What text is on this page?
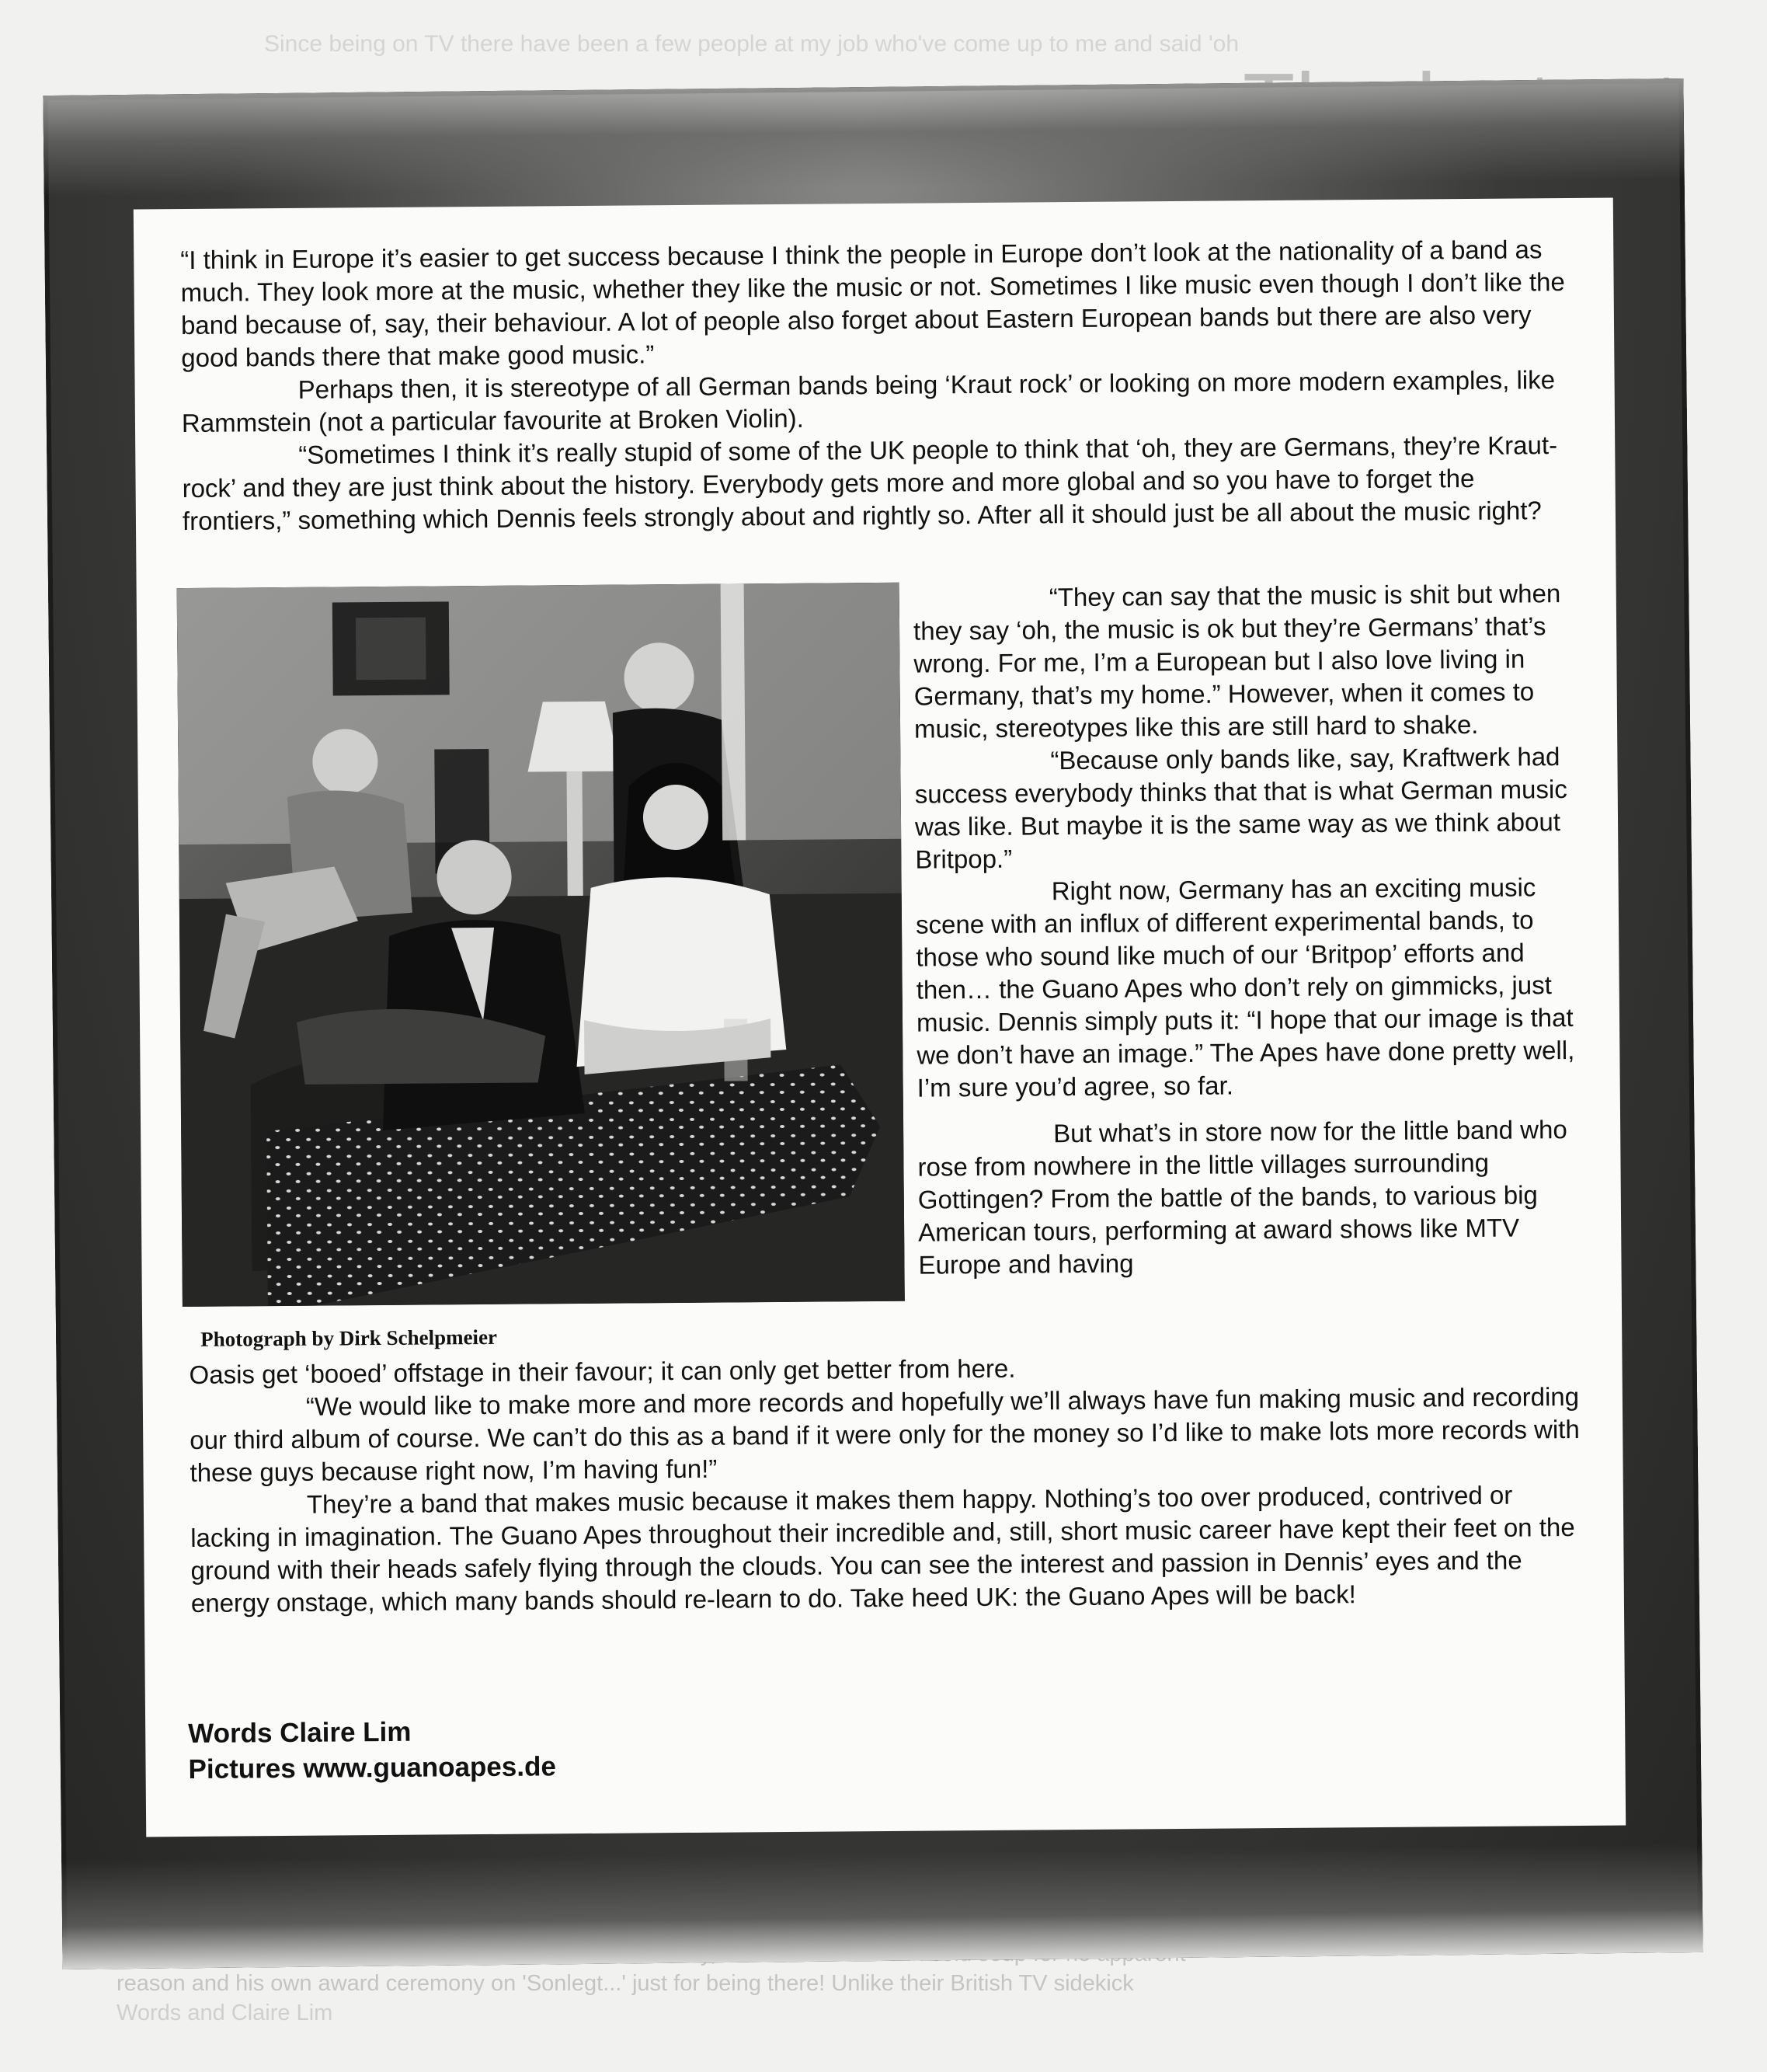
Since being on TV there have been a few people at my job who've come up to me and said 'oh
reason and his own award ceremony on 'Sonlegt...' just for being there! Unlike their British TV sidekick
Words and Claire Lim

“I think in Europe it’s easier to get success because I think the people in Europe don’t look at the nationality of a band as much. They look more at the music, whether they like the music or not. Sometimes I like music even though I don’t like the band because of, say, their behaviour. A lot of people also forget about Eastern European bands but there are also very good bands there that make good music.”

Perhaps then, it is stereotype of all German bands being ‘Kraut rock’ or looking on more modern examples, like Rammstein (not a particular favourite at Broken Violin).
“Sometimes I think it’s really stupid of some of the UK people to think that ‘oh, they are Germans, they’re Kraut-rock’ and they are just think about the history. Everybody gets more and more global and so you have to forget the frontiers,” something which Dennis feels strongly about and rightly so. After all it should just be all about the music right?

Photograph by Dirk Schelpmeier

“They can say that the music is shit but when they say ‘oh, the music is ok but they’re Germans’ that’s wrong. For me, I’m a European but I also love living in Germany, that’s my home.” However, when it comes to music, stereotypes like this are still hard to shake.

“Because only bands like, say, Kraftwerk had success everybody thinks that that is what German music was like. But maybe it is the same way as we think about Britpop.”

Right now, Germany has an exciting music scene with an influx of different experimental bands, to those who sound like much of our ‘Britpop’ efforts and then… the Guano Apes who don’t rely on gimmicks, just music. Dennis simply puts it: “I hope that our image is that we don’t have an image.” The Apes have done pretty well, I’m sure you’d agree, so far.

But what’s in store now for the little band who rose from nowhere in the little villages surrounding Gottingen? From the battle of the bands, to various big American tours, performing at award shows like MTV Europe and having

Oasis get ‘booed’ offstage in their favour; it can only get better from here.
“We would like to make more and more records and hopefully we’ll always have fun making music and recording our third album of course. We can’t do this as a band if it were only for the money so I’d like to make lots more records with these guys because right now, I’m having fun!”
They’re a band that makes music because it makes them happy. Nothing’s too over produced, contrived or lacking in imagination. The Guano Apes throughout their incredible and, still, short music career have kept their feet on the ground with their heads safely flying through the clouds. You can see the interest and passion in Dennis’ eyes and the energy onstage, which many bands should re-learn to do. Take heed UK: the Guano Apes will be back!

Words Claire Lim
Pictures www.guanoapes.de
